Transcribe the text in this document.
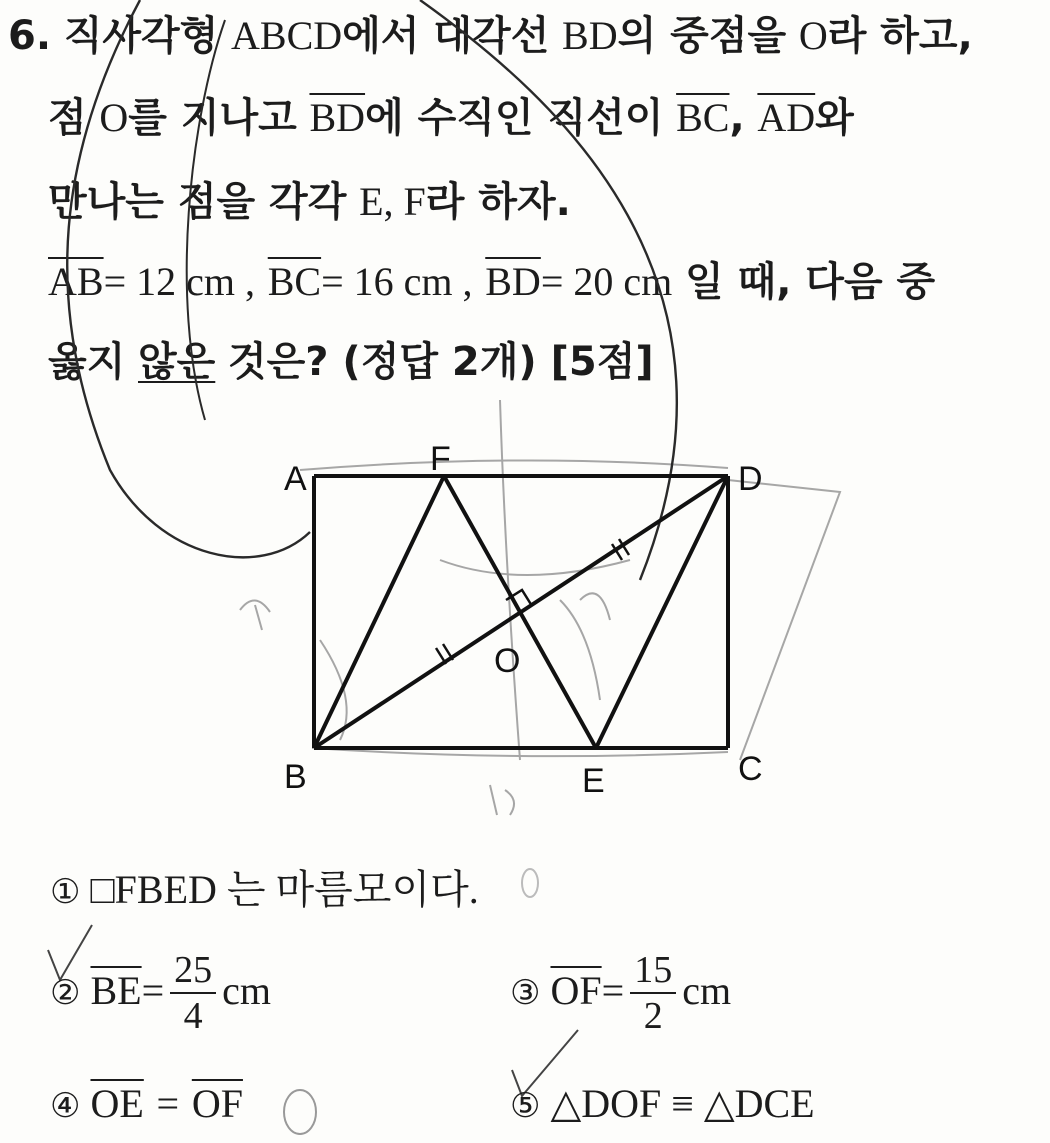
6. 직사각형 ABCD에서 대각선 BD의 중점을 O라 하고,
점 O를 지나고 $\overline{BD}$에 수직인 직선이 $\overline{BC}$, $\overline{AD}$와
만나는 점을 각각 E, F라 하자.
$\overline{AB}= 12$ cm , $\overline{BC}= 16$ cm , $\overline{BD}= 20$ cm 일 때, 다음 중
옳지 않은 것은? (정답 2개) [5점]
A
F
D
B	E	C
O
① □FBED 는 마름모이다.
② $\overline{BE}= \frac{25}{4}$ cm	③ $\overline{OF}= \frac{15}{2}$ cm
④ $\overline{OE} = \overline{OF}$	⑤ △DOF ≡ △DCE
